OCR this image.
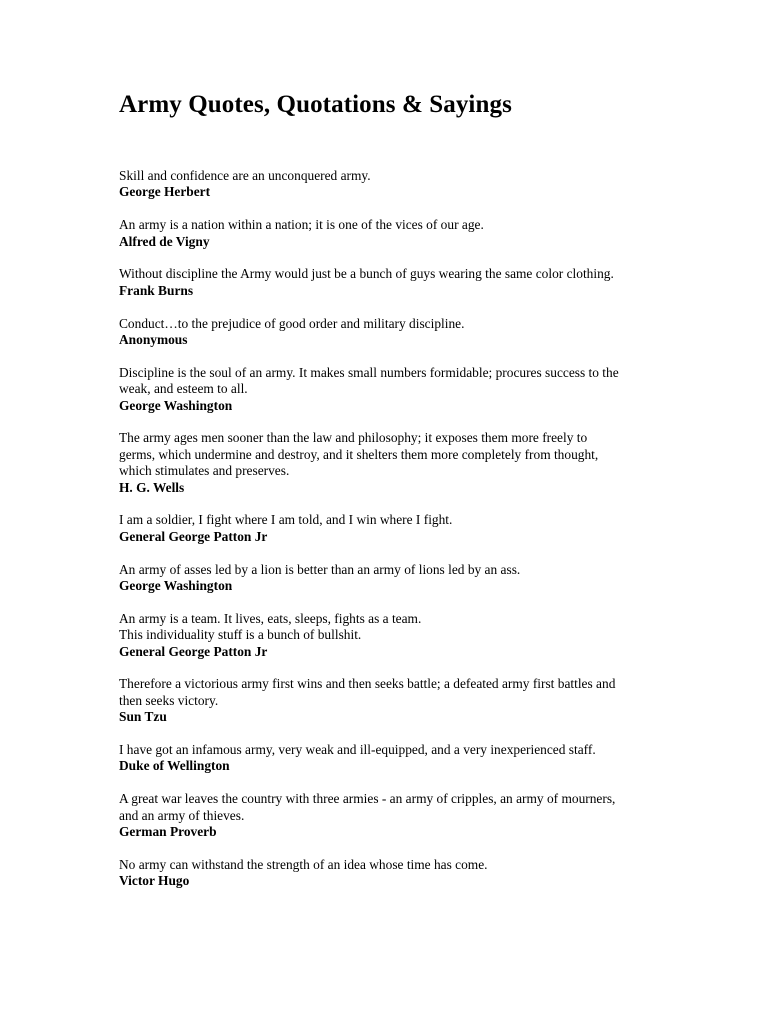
Army Quotes, Quotations & Sayings
Skill and confidence are an unconquered army.
George Herbert
An army is a nation within a nation; it is one of the vices of our age.
Alfred de Vigny
Without discipline the Army would just be a bunch of guys wearing the same color clothing.
Frank Burns
Conduct…to the prejudice of good order and military discipline.
Anonymous
Discipline is the soul of an army. It makes small numbers formidable; procures success to the
weak, and esteem to all.
George Washington
The army ages men sooner than the law and philosophy; it exposes them more freely to
germs, which undermine and destroy, and it shelters them more completely from thought,
which stimulates and preserves.
H. G. Wells
I am a soldier, I fight where I am told, and I win where I fight.
General George Patton Jr
An army of asses led by a lion is better than an army of lions led by an ass.
George Washington
An army is a team. It lives, eats, sleeps, fights as a team.
This individuality stuff is a bunch of bullshit.
General George Patton Jr
Therefore a victorious army first wins and then seeks battle; a defeated army first battles and
then seeks victory.
Sun Tzu
I have got an infamous army, very weak and ill-equipped, and a very inexperienced staff.
Duke of Wellington
A great war leaves the country with three armies - an army of cripples, an army of mourners,
and an army of thieves.
German Proverb
No army can withstand the strength of an idea whose time has come.
Victor Hugo
